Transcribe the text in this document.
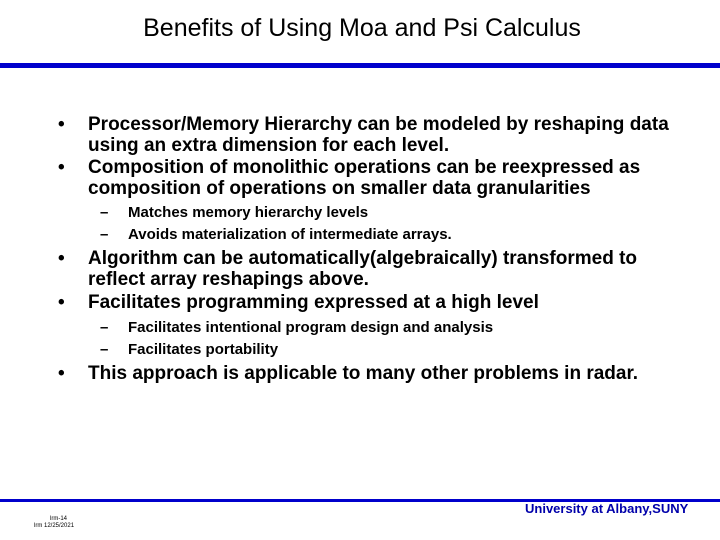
Benefits of Using Moa and Psi Calculus
• Processor/Memory Hierarchy can be modeled by reshaping data using an extra dimension for each level.
• Composition of monolithic operations can be reexpressed as composition of operations on smaller data granularities
– Matches memory hierarchy levels
– Avoids materialization of intermediate arrays.
• Algorithm can be automatically(algebraically) transformed to reflect array reshapings above.
• Facilitates programming expressed at a high level
– Facilitates intentional program design and analysis
– Facilitates portability
• This approach is applicable to many other problems in radar.
University at Albany,SUNY
lrm-14
lrm 12/25/2021
